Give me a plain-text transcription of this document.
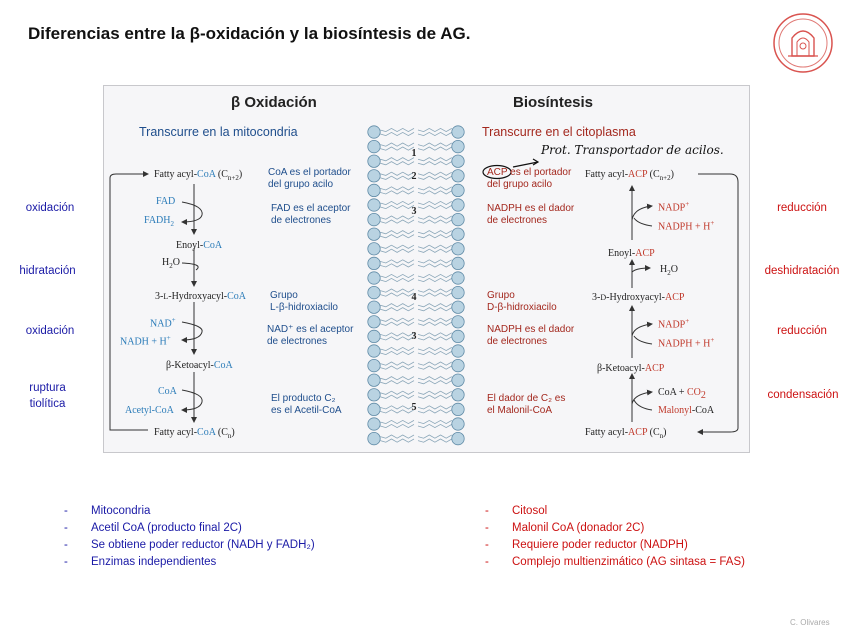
Diferencias entre la β-oxidación y la biosíntesis de AG.
β Oxidación	Biosíntesis
Transcurre en la mitocondria	Transcurre en el citoplasma
1
2
3
4
3
5
Prot. Transportador de acilos.
CoA es el portador
del grupo acilo
FAD es el aceptor
de electrones
Grupo
L-β-hidroxiacilo
NAD⁺ es el aceptor
de electrones
El producto C₂
es el Acetil-CoA
ACP es el portador
del grupo acilo
NADPH es el dador
de electrones
Grupo
D-β-hidroxiacilo
NADPH es el dador
de electrones
El dador de C₂ es
el Malonil-CoA
Fatty acyl-CoA $(C_{n+2})$
FAD
$FADH_2$
Enoyl-CoA
$H_2O$
3-L-Hydroxyacyl-CoA
NAD+
NADH + H+
β-Ketoacyl-CoA
CoA
Acetyl-CoA
Fatty acyl-CoA $(C_n)$
Fatty acyl-ACP $(C_{n+2})$
NADP+
NADPH + H+
Enoyl-ACP
$H_2O$
3-D-Hydroxyacyl-ACP
NADP+
NADPH + H+
β-Ketoacyl-ACP
CoA + $CO_2$
Malonyl-CoA
Fatty acyl-ACP $(C_n)$
oxidación
hidratación
oxidación
ruptura
tiolítica
reducción
deshidratación
reducción
condensación
-	Mitocondria
-	Acetil CoA (producto final 2C)
-	Se obtiene poder reductor (NADH y FADH₂)
-	Enzimas independientes
-	Citosol
-	Malonil CoA (donador 2C)
-	Requiere poder reductor (NADPH)
-	Complejo multienzimático (AG sintasa = FAS)
C. Olivares
